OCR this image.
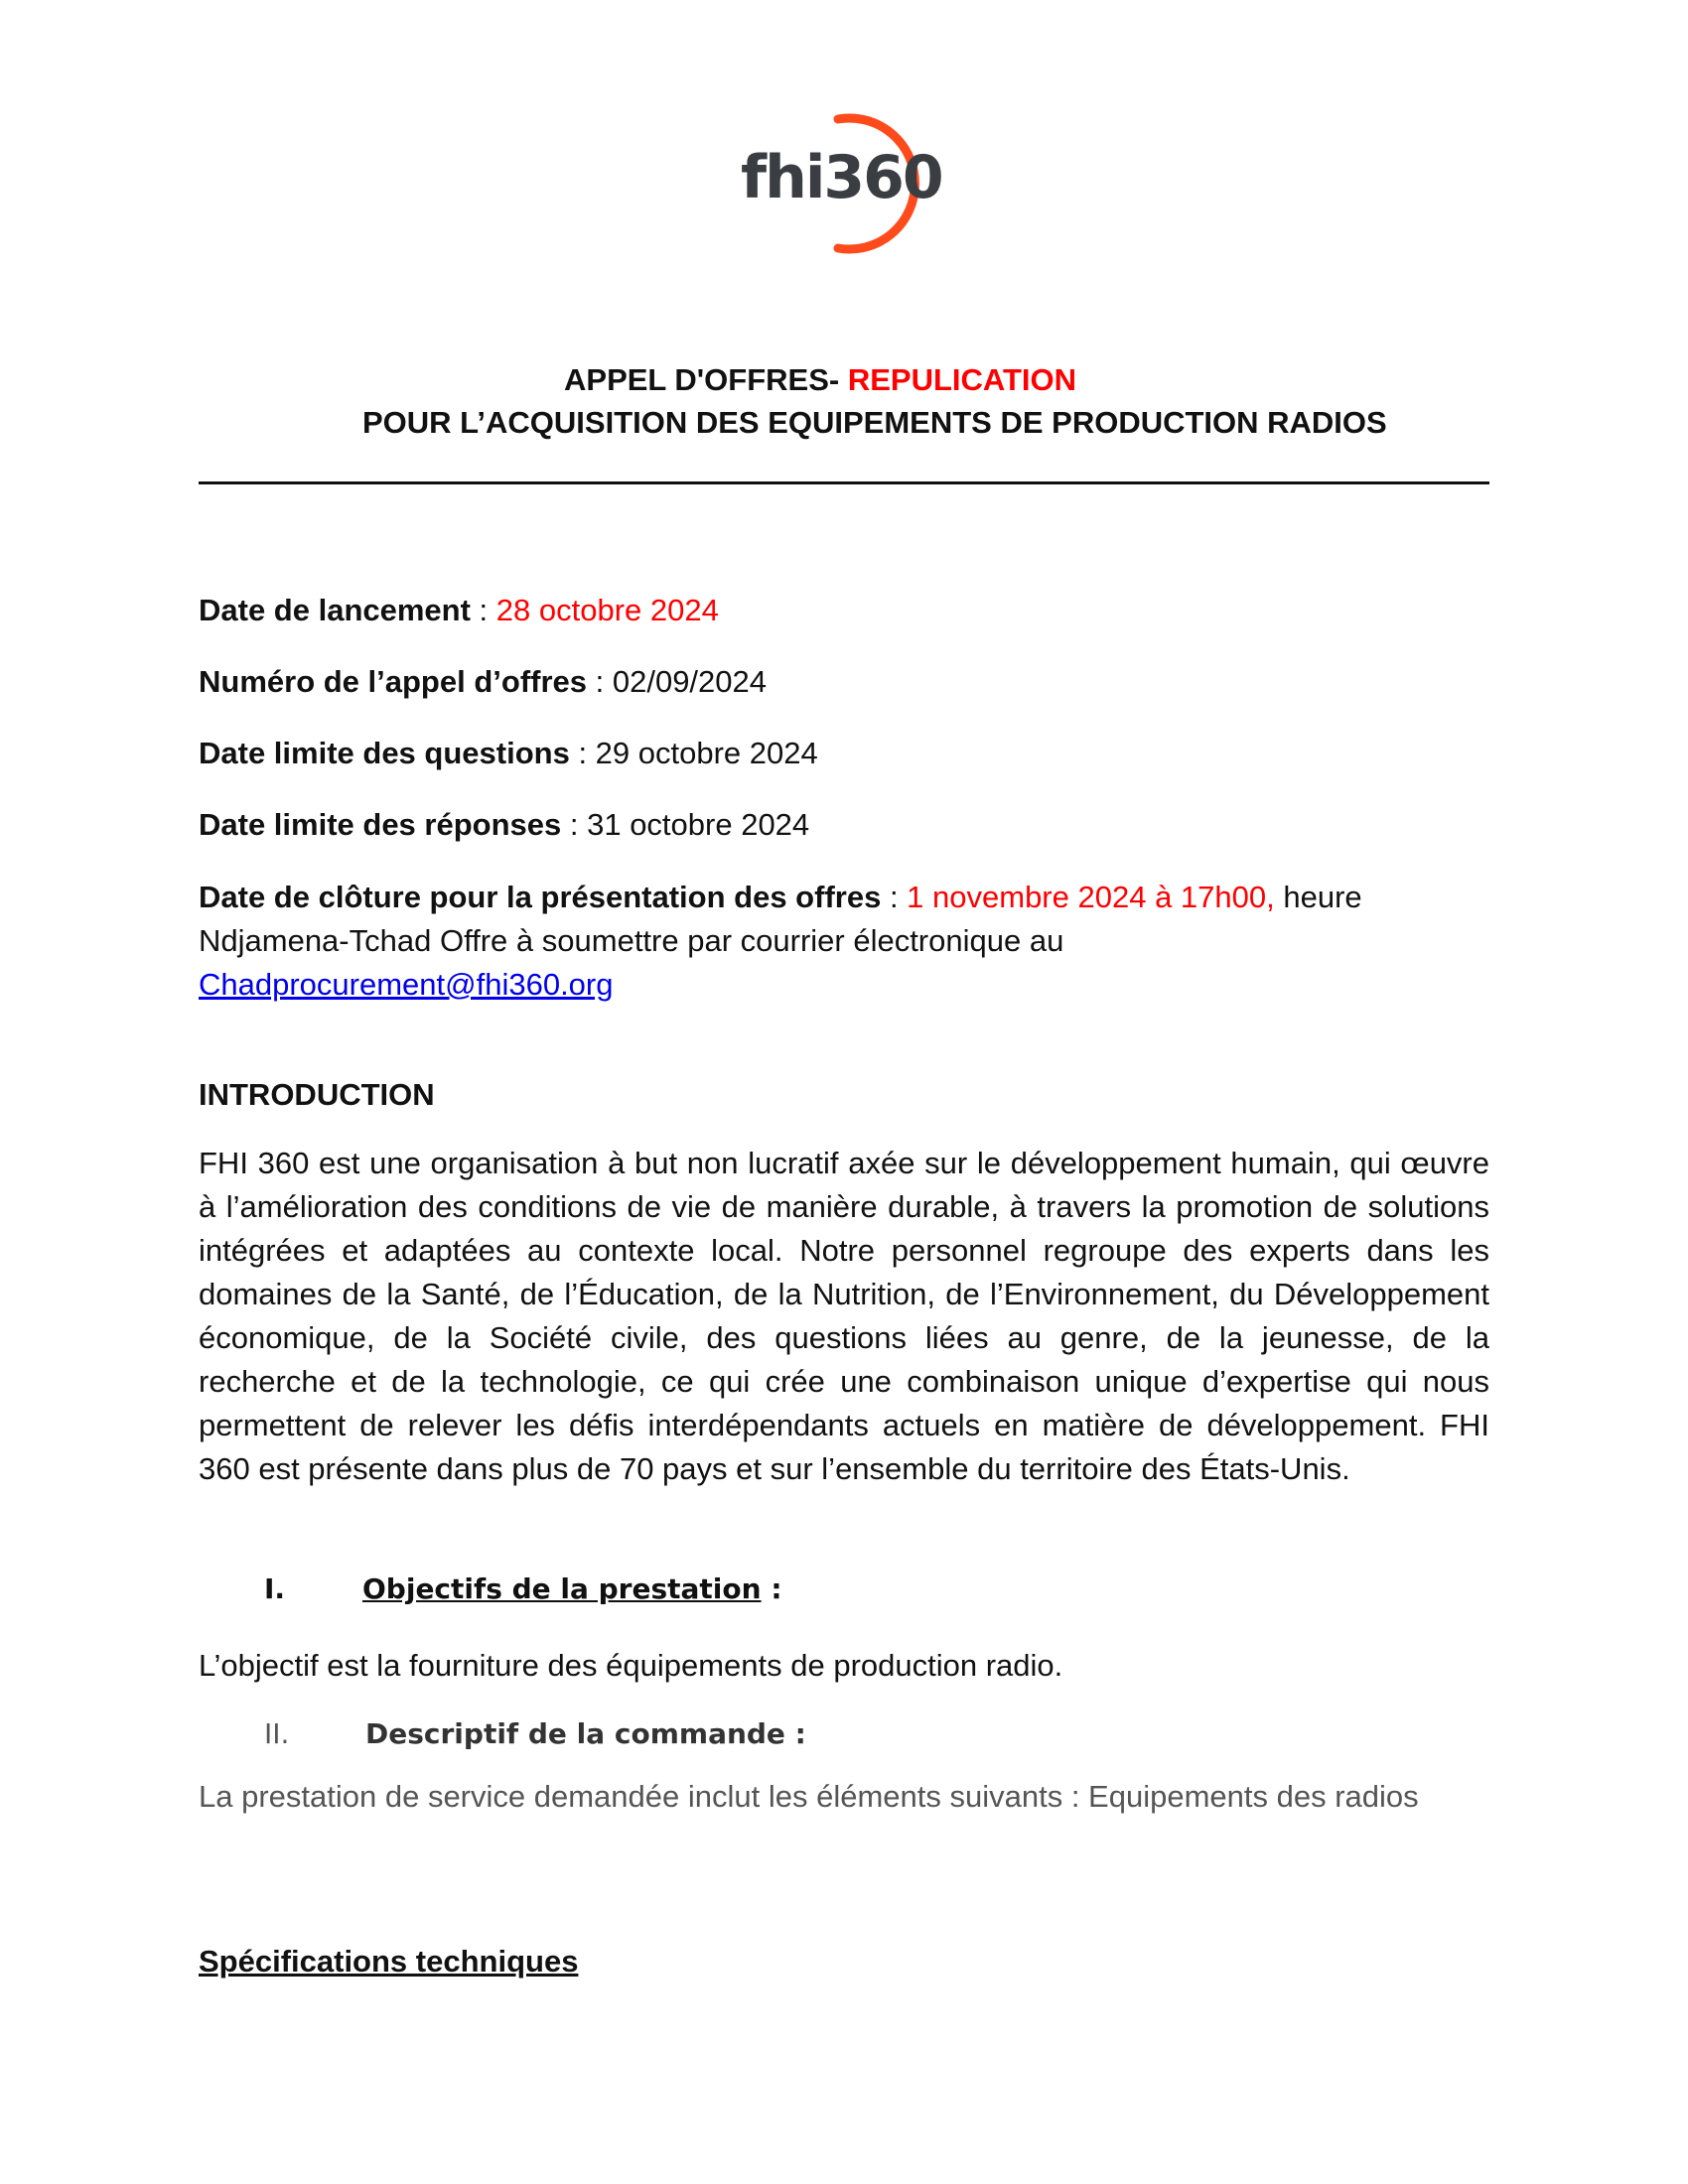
fhi360
APPEL D'OFFRES- REPULICATION
POUR L’ACQUISITION DES EQUIPEMENTS DE PRODUCTION RADIOS
Date de lancement : 28 octobre 2024
Numéro de l’appel d’offres : 02/09/2024
Date limite des questions : 29 octobre 2024
Date limite des réponses : 31 octobre 2024
Date de clôture pour la présentation des offres : 1 novembre 2024 à 17h00, heure Ndjamena-Tchad Offre à soumettre par courrier électronique au
Chadprocurement@fhi360.org
INTRODUCTION
FHI 360 est une organisation à but non lucratif axée sur le développement humain, qui œuvre à l’amélioration des conditions de vie de manière durable, à travers la promotion de solutions intégrées et adaptées au contexte local. Notre personnel regroupe des experts dans les domaines de la Santé, de l’Éducation, de la Nutrition, de l’Environnement, du Développement économique, de la Société civile, des questions liées au genre, de la jeunesse, de la recherche et de la technologie, ce qui crée une combinaison unique d’expertise qui nous permettent de relever les défis interdépendants actuels en matière de développement. FHI 360 est présente dans plus de 70 pays et sur l’ensemble du territoire des États-Unis.
I.	Objectifs de la prestation :
L’objectif est la fourniture des équipements de production radio.
II.	Descriptif de la commande :
La prestation de service demandée inclut les éléments suivants : Equipements des radios
Spécifications techniques
